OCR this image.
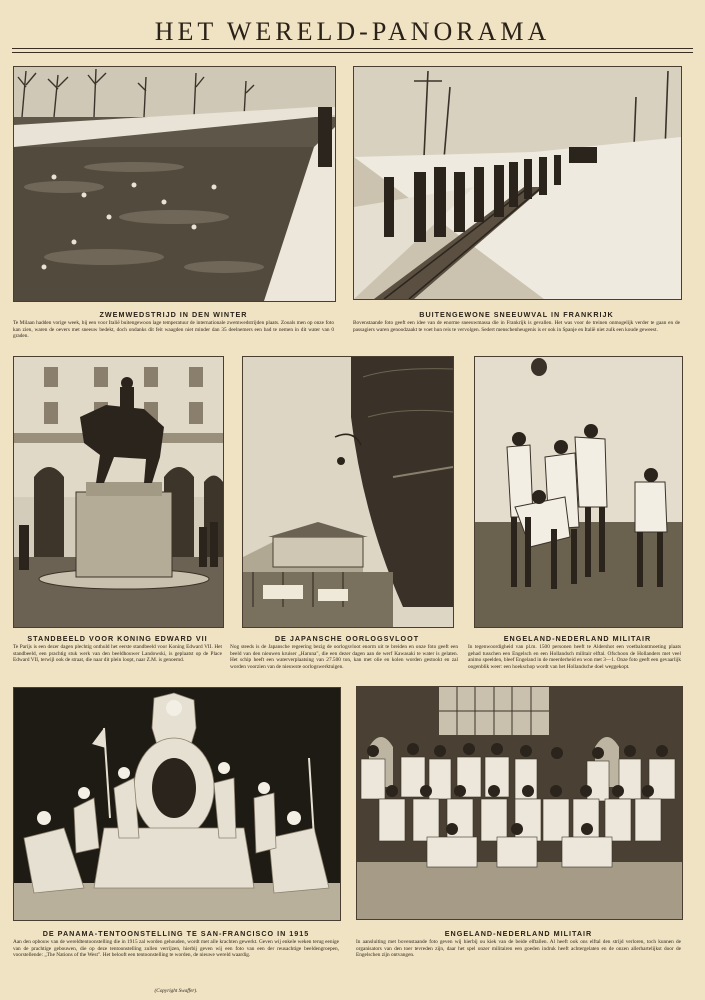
HET WERELD-PANORAMA
ZWEMWEDSTRIJD IN DEN WINTER
Te Milaan hadden vorige week, bij een voor Italië buitengewoon lage temperatuur de internationale zwemwedstrijden plaats. Zooals men op onze foto kan zien, waren de oevers met sneeuw bedekt, doch ondanks dit feit waagden niet minder dan 35 deelnemers een bad te nemen in dit water van 0 graden.
BUITENGEWONE SNEEUWVAL IN FRANKRIJK
Bovenstaande foto geeft een idee van de enorme sneeuwmassa die in Frankrijk is gevallen. Het was voor de treinen onmogelijk verder te gaan en de passagiers waren genoodzaakt te voet hun reis te vervolgen. Sedert menschenheugenis is er ook in Spanje en Italië niet zulk een koude geweest.
STANDBEELD VOOR KONING EDWARD VII
Te Parijs is een dezer dagen plechtig onthuld het eerste standbeeld voor Koning Edward VII. Het standbeeld, een prachtig stuk werk van den beeldhouwer Landowski, is geplaatst op de Place Edward VII, terwijl ook de straat, die naar dit plein loopt, naar Z.M. is genoemd.
DE JAPANSCHE OORLOGSVLOOT
Nog steeds is de Japansche regeering bezig de oorlogsvloot enorm uit te breiden en onze foto geeft een beeld van den nieuwen kruiser „Haruna", die een dezer dagen aan de werf Kawasaki te water is gelaten. Het schip heeft een waterverplaatsing van 27.500 ton, kan met olie en kolen worden gestookt en zal worden voorzien van de nieuwste oorlogswerktuigen.
ENGELAND-NEDERLAND MILITAIR
In tegenwoordigheid van pl.m. 1500 personen heeft te Aldershot een voetbalontmoeting plaats gehad tusschen een Engelsch en een Hollandsch militair elftal. Ofschoon de Hollanders met veel animo speelden, bleef Engeland in de meerderheid en won met 3—1. Onze foto geeft een gevaarlijk oogenblik weer: een hoekschop wordt van het Hollandsche doel weggekopt.
DE PANAMA-TENTOONSTELLING TE SAN-FRANCISCO IN 1915
Aan den opbouw van de wereldtentoonstelling die in 1915 zal worden gehouden, wordt met alle krachten gewerkt. Geven wij enkele weken terug eenige van de prachtige gebouwen, die op deze tentoonstelling zullen verrijzen, hierbij geven wij een foto van een der reusachtige beeldengroepen, voorstellende: „The Nations of the West". Het belooft een tentoonstelling te worden, de nieuwe wereld waardig.
(Copyright Swaffer).
ENGELAND-NEDERLAND MILITAIR
In aansluiting met bovenstaande foto geven wij hierbij ou kiek van de beide elftallen. Al heeft ook ons elftal den strijd verloren, toch kunnen de organisators van den toer tevreden zijn, daar het spel onzer militairen een goeden indruk heeft achtergelaten en de onzen allerhartelijkst door de Engelschen zijn ontvangen.
